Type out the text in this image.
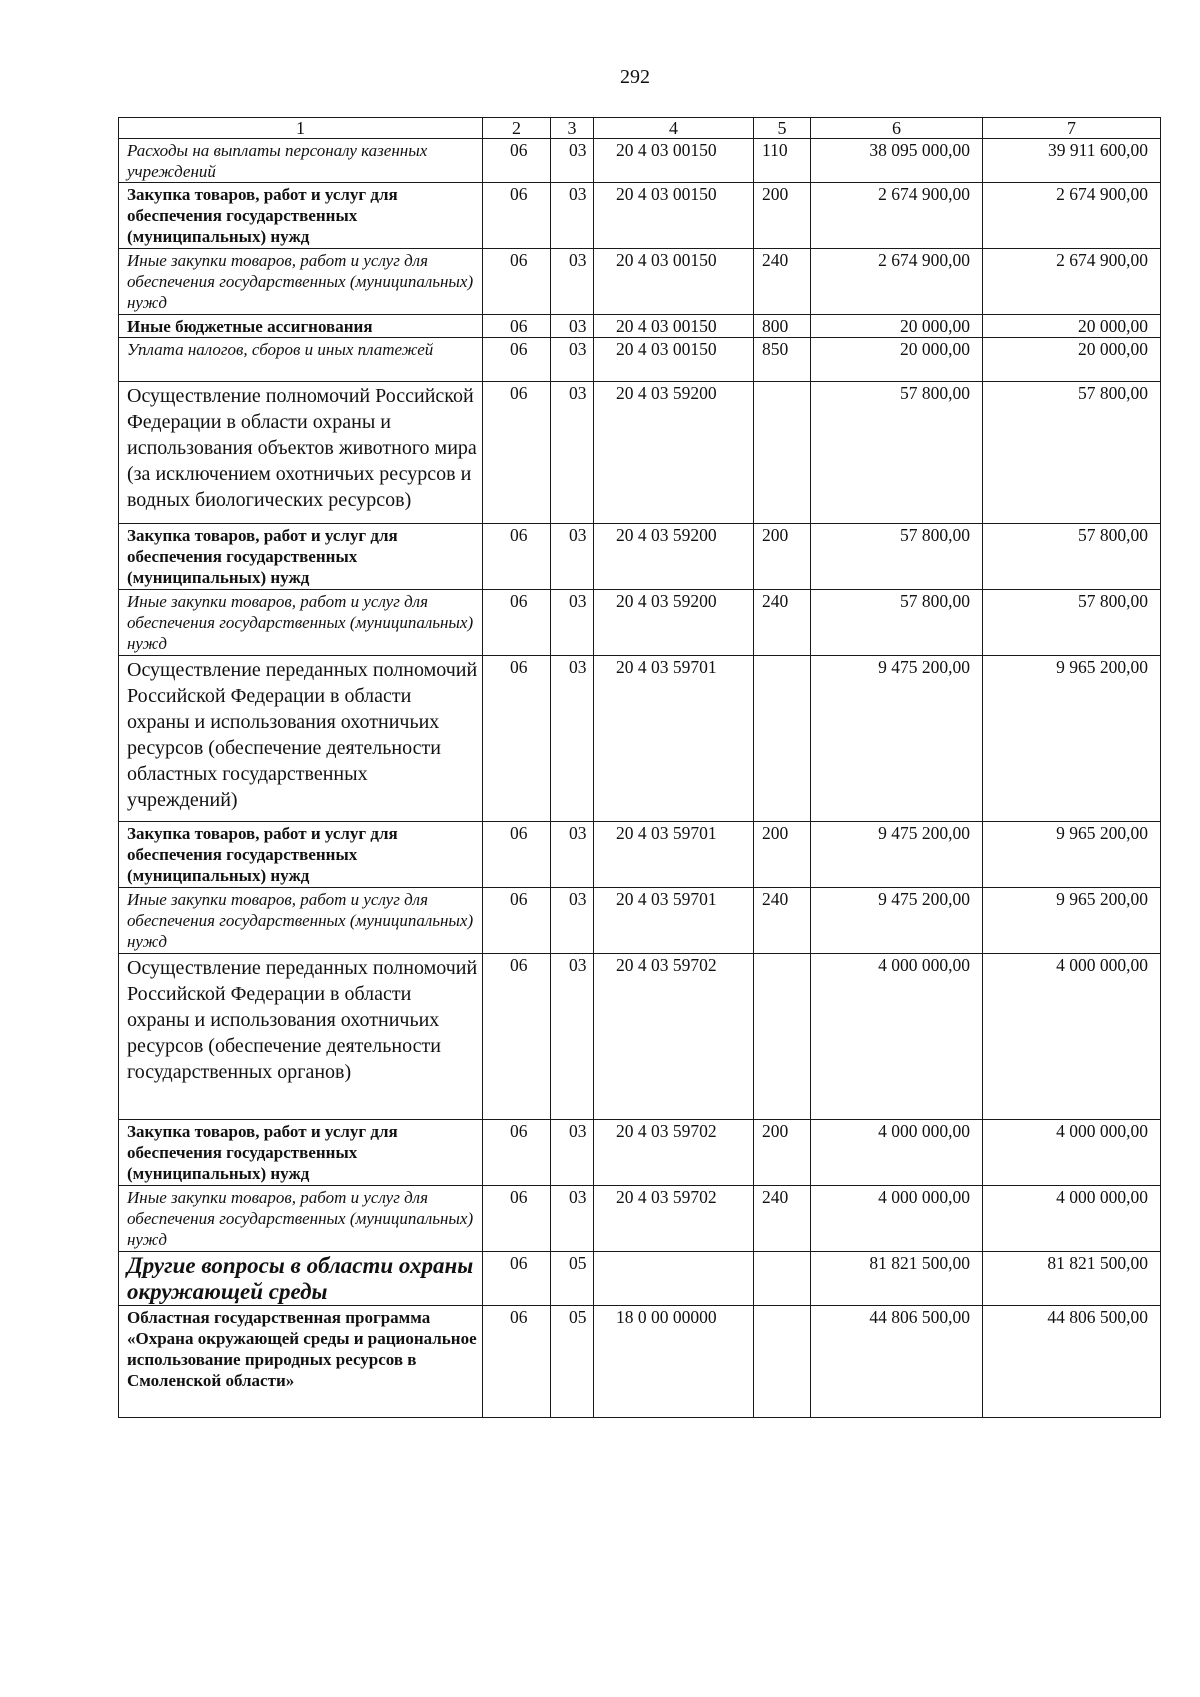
292
1	2	3	4	5	6	7
Расходы на выплаты персоналу казенных учреждений	06	03	20 4 03 00150	110	38 095 000,00	39 911 600,00
Закупка товаров, работ и услуг для обеспечения государственных (муниципальных) нужд	06	03	20 4 03 00150	200	2 674 900,00	2 674 900,00
Иные закупки товаров, работ и услуг для обеспечения государственных (муниципальных) нужд	06	03	20 4 03 00150	240	2 674 900,00	2 674 900,00
Иные бюджетные ассигнования	06	03	20 4 03 00150	800	20 000,00	20 000,00
Уплата налогов, сборов и иных платежей	06	03	20 4 03 00150	850	20 000,00	20 000,00
Осуществление полномочий Российской Федерации в области охраны и использования объектов животного мира (за исключением охотничьих ресурсов и водных биологических ресурсов)	06	03	20 4 03 59200		57 800,00	57 800,00
Закупка товаров, работ и услуг для обеспечения государственных (муниципальных) нужд	06	03	20 4 03 59200	200	57 800,00	57 800,00
Иные закупки товаров, работ и услуг для обеспечения государственных (муниципальных) нужд	06	03	20 4 03 59200	240	57 800,00	57 800,00
Осуществление переданных полномочий Российской Федерации в области охраны и использования охотничьих ресурсов (обеспечение деятельности областных государственных учреждений)	06	03	20 4 03 59701		9 475 200,00	9 965 200,00
Закупка товаров, работ и услуг для обеспечения государственных (муниципальных) нужд	06	03	20 4 03 59701	200	9 475 200,00	9 965 200,00
Иные закупки товаров, работ и услуг для обеспечения государственных (муниципальных) нужд	06	03	20 4 03 59701	240	9 475 200,00	9 965 200,00
Осуществление переданных полномочий Российской Федерации в области охраны и использования охотничьих ресурсов (обеспечение деятельности государственных органов)	06	03	20 4 03 59702		4 000 000,00	4 000 000,00
Закупка товаров, работ и услуг для обеспечения государственных (муниципальных) нужд	06	03	20 4 03 59702	200	4 000 000,00	4 000 000,00
Иные закупки товаров, работ и услуг для обеспечения государственных (муниципальных) нужд	06	03	20 4 03 59702	240	4 000 000,00	4 000 000,00
Другие вопросы в области охраны окружающей среды	06	05			81 821 500,00	81 821 500,00
Областная государственная программа «Охрана окружающей среды и рациональное использование природных ресурсов в Смоленской области»	06	05	18 0 00 00000		44 806 500,00	44 806 500,00
